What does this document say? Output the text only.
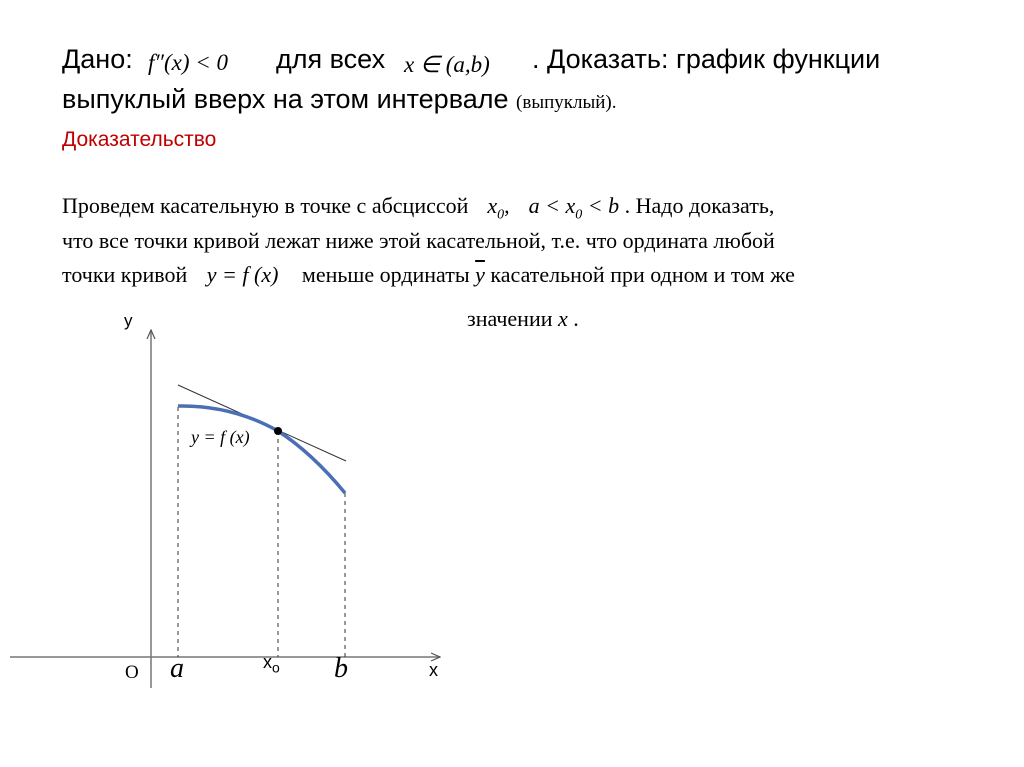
Дано: f″(x) < 0 для всех x ∈ (a,b) . Доказать: график функции
выпуклый вверх на этом интервале (выпуклый).
Доказательство
Проведем касательную в точке с абсциссой $x_0$, $a < x_0 < b$ . Надо доказать,
что все точки кривой лежат ниже этой касательной, т.е. что ордината любой
точки кривой y = f (x) меньше ординаты $\overline{y}$ касательной при одном и том же
значении x .
y
x
O a	$x_o$ b
y = f (x)
